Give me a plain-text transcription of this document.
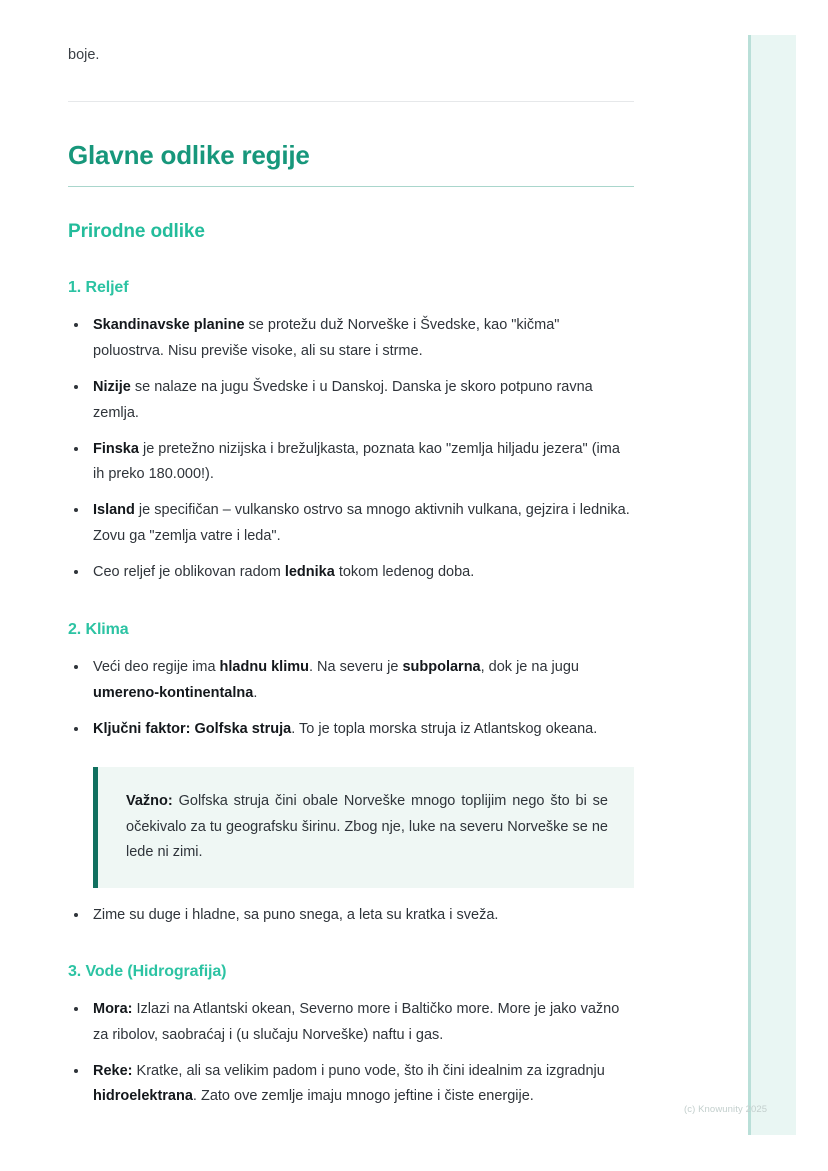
boje.

Glavne odlike regije
Prirodne odlike
1. Reljef
Skandinavske planine se protežu duž Norveške i Švedske, kao "kičma" poluostrva. Nisu previše visoke, ali su stare i strme.
Nizije se nalaze na jugu Švedske i u Danskoj. Danska je skoro potpuno ravna zemlja.
Finska je pretežno nizijska i brežuljkasta, poznata kao "zemlja hiljadu jezera" (ima ih preko 180.000!).
Island je specifičan – vulkansko ostrvo sa mnogo aktivnih vulkana, gejzira i lednika. Zovu ga "zemlja vatre i leda".
Ceo reljef je oblikovan radom lednika tokom ledenog doba.
2. Klima
Veći deo regije ima hladnu klimu. Na severu je subpolarna, dok je na jugu umereno-kontinentalna.
Ključni faktor: Golfska struja. To je topla morska struja iz Atlantskog okeana.

Važno: Golfska struja čini obale Norveške mnogo toplijim nego što bi se očekivalo za tu geografsku širinu. Zbog nje, luke na severu Norveške se ne lede ni zimi.

Zime su duge i hladne, sa puno snega, a leta su kratka i sveža.
3. Vode (Hidrografija)
Mora: Izlazi na Atlantski okean, Severno more i Baltičko more. More je jako važno za ribolov, saobraćaj i (u slučaju Norveške) naftu i gas.
Reke: Kratke, ali sa velikim padom i puno vode, što ih čini idealnim za izgradnju hidroelektrana. Zato ove zemlje imaju mnogo jeftine i čiste energije.
(c) Knowunity 2025
